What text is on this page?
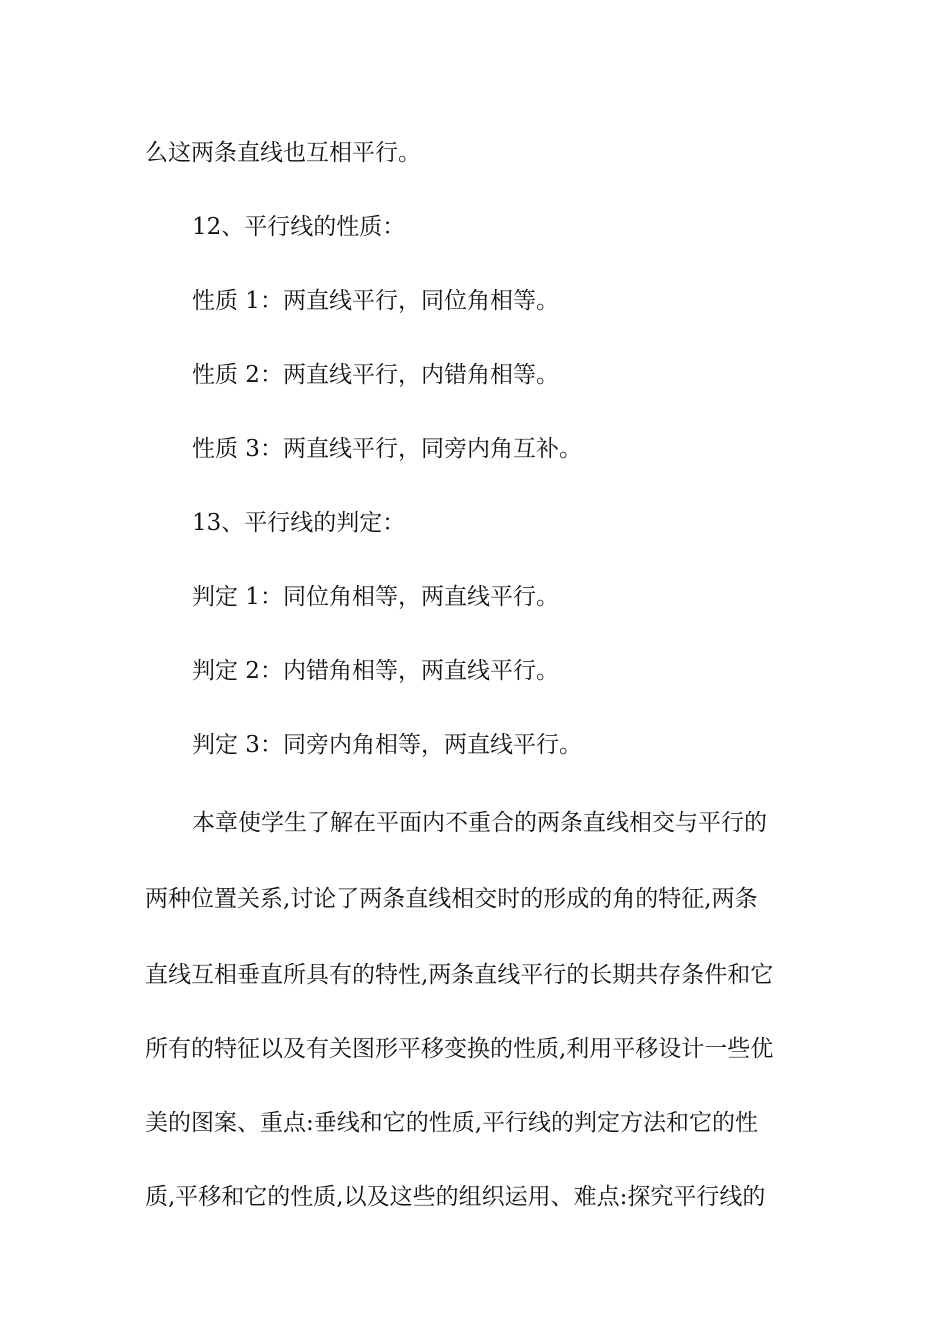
么这两条直线也互相平行。
12、平行线的性质：
性质 1：两直线平行，同位角相等。
性质 2：两直线平行，内错角相等。
性质 3：两直线平行，同旁内角互补。
13、平行线的判定：
判定 1：同位角相等，两直线平行。
判定 2：内错角相等，两直线平行。
判定 3：同旁内角相等，两直线平行。
本章使学生了解在平面内不重合的两条直线相交与平行的
两种位置关系,讨论了两条直线相交时的形成的角的特征,两条
直线互相垂直所具有的特性,两条直线平行的长期共存条件和它
所有的特征以及有关图形平移变换的性质,利用平移设计一些优
美的图案、重点:垂线和它的性质,平行线的判定方法和它的性
质,平移和它的性质,以及这些的组织运用、难点:探究平行线的
